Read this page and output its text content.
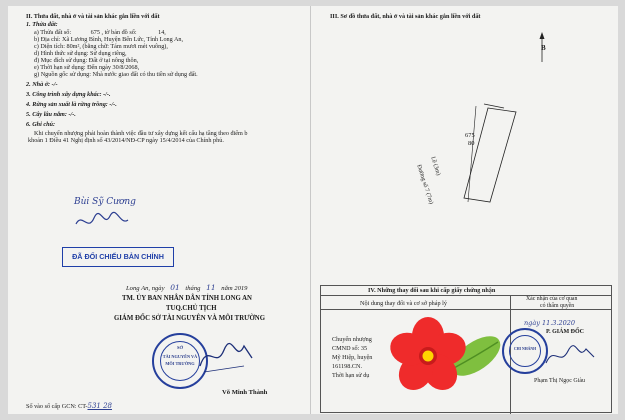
II. Thửa đất, nhà ở và tài sản khác gắn liền với đất
1. Thửa đất:
a) Thửa đất số:	675 , tờ bản đồ số:	14,
b) Địa chỉ: Xã Lương Bình, Huyện Bến Lức, Tỉnh Long An,
c) Diện tích: 80m², (bằng chữ: Tám mươi mét vuông),
d) Hình thức sử dụng: Sử dụng riêng,
đ) Mục đích sử dụng: Đất ở tại nông thôn,
e) Thời hạn sử dụng: Đến ngày 30/8/2068,
g) Nguồn gốc sử dụng: Nhà nước giao đất có thu tiền sử dụng đất.
2. Nhà ở: -/-
3. Công trình xây dựng khác: -/-.
4. Rừng sản xuất là rừng trồng: -/-.
5. Cây lâu năm: -/-.
6. Ghi chú:
Khi chuyển nhượng phải hoàn thành việc đầu tư xây dựng kết cấu hạ tầng theo điểm b
khoản 1 Điều 41 Nghị định số 43/2014/NĐ-CP ngày 15/4/2014 của Chính phủ.
Bùi Sỹ Cương
ĐÃ ĐỐI CHIẾU BẢN CHÍNH
Long An, ngày 01 tháng 11 năm 2019
TM. ỦY BAN NHÂN DÂN TỈNH LONG AN
TUQ.CHỦ TỊCH
GIÁM ĐỐC SỞ TÀI NGUYÊN VÀ MÔI TRƯỜNG
SỞ
TÀI NGUYÊN VÀ
MÔI TRƯỜNG
Võ Minh Thành
Số vào sổ cấp GCN: CT-531 28
III. Sơ đồ thửa đất, nhà ở và tài sản khác gắn liền với đất
B
675
80
Lề (3m)
Đường số 7 (7m)
IV. Những thay đổi sau khi cấp giấy chứng nhận
Nội dung thay đổi và cơ sở pháp lý
Xác nhận của cơ quan
có thẩm quyền
Chuyển nhượng
CMND số: 35
Mỹ Hiệp, huyện
161198.CN.
Thời hạn sử dụ
ngày 11.3.2020
P. GIÁM ĐỐC
CHI NHÁNH
Phạm Thị Ngọc Giàu
